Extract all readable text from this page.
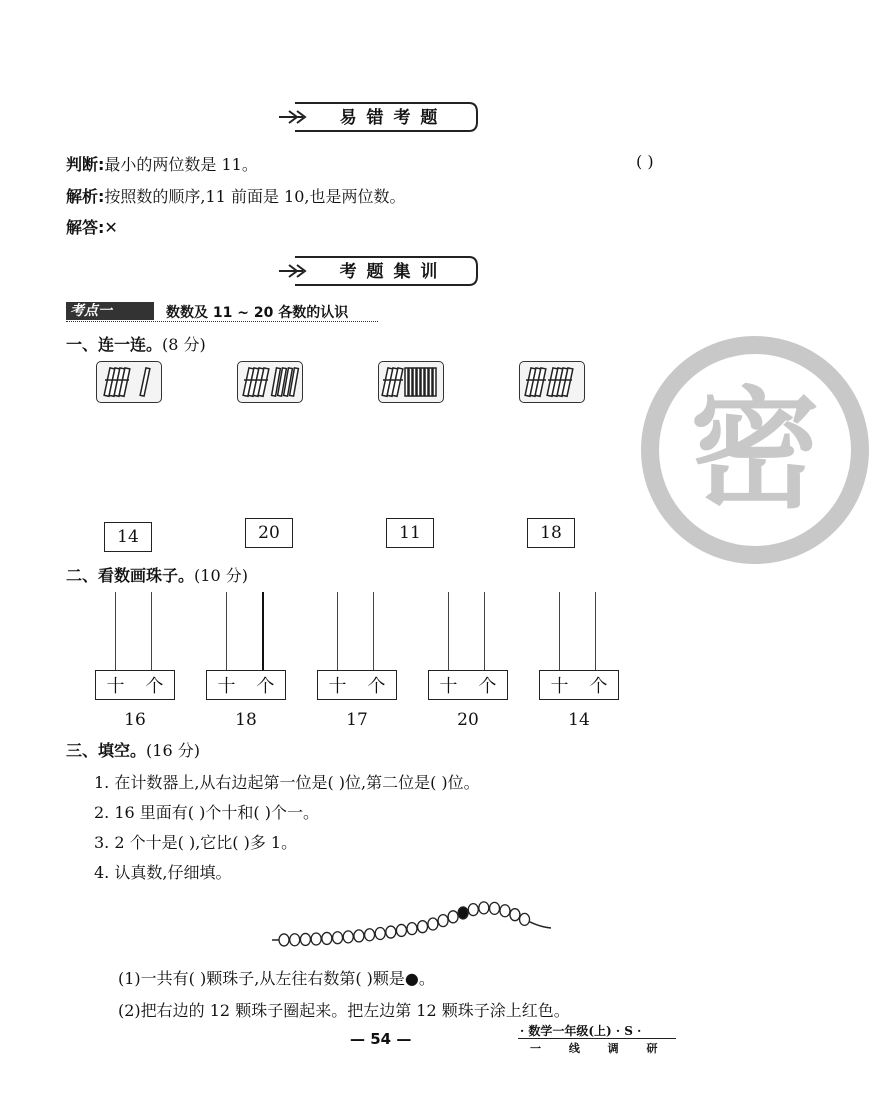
密
易 错 考 题
判断:最小的两位数是 11。	( )
解析:按照数的顺序,11 前面是 10,也是两位数。
解答:✕
考 题 集 训
考点一	数数及 11 ~ 20 各数的认识
一、连一连。(8 分)
14	20	11	18
二、看数画珠子。(10 分)
十 个	十 个	十 个	十 个	十 个
16	18	17	20	14
三、填空。(16 分)
1. 在计数器上,从右边起第一位是( )位,第二位是( )位。
2. 16 里面有( )个十和( )个一。
3. 2 个十是( ),它比( )多 1。
4. 认真数,仔细填。
(1)一共有( )颗珠子,从左往右数第( )颗是●。
(2)把右边的 12 颗珠子圈起来。把左边第 12 颗珠子涂上红色。
— 54 —	· 数学一年级(上) · S ·
一 线 调 研
